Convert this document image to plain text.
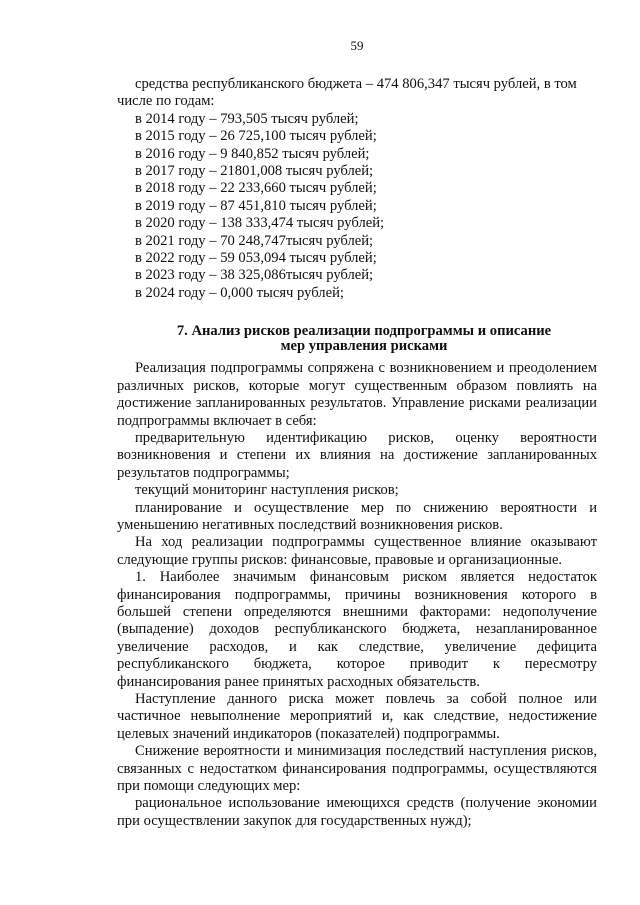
59
средства республиканского бюджета – 474 806,347 тысяч рублей, в том
числе по годам:
в 2014 году – 793,505 тысяч рублей;
в 2015 году – 26 725,100 тысяч рублей;
в 2016 году – 9 840,852 тысяч рублей;
в 2017 году – 21801,008 тысяч рублей;
в 2018 году – 22 233,660 тысяч рублей;
в 2019 году – 87 451,810 тысяч рублей;
в 2020 году – 138 333,474 тысяч рублей;
в 2021 году – 70 248,747тысяч рублей;
в 2022 году – 59 053,094 тысяч рублей;
в 2023 году – 38 325,086тысяч рублей;
в 2024 году – 0,000 тысяч рублей;
7. Анализ рисков реализации подпрограммы и описание
мер управления рисками
Реализация подпрограммы сопряжена с возникновением и преодолением различных рисков, которые могут существенным образом повлиять на достижение запланированных результатов. Управление рисками реализации подпрограммы включает в себя:
предварительную идентификацию рисков, оценку вероятности возникновения и степени их влияния на достижение запланированных результатов подпрограммы;
текущий мониторинг наступления рисков;
планирование и осуществление мер по снижению вероятности и уменьшению негативных последствий возникновения рисков.
На ход реализации подпрограммы существенное влияние оказывают следующие группы рисков: финансовые, правовые и организационные.
1. Наиболее значимым финансовым риском является недостаток финансирования подпрограммы, причины возникновения которого в большей степени определяются внешними факторами: недополучение (выпадение) доходов республиканского бюджета, незапланированное увеличение расходов, и как следствие, увеличение дефицита республиканского бюджета, которое приводит к пересмотру финансирования ранее принятых расходных обязательств.
Наступление данного риска может повлечь за собой полное или частичное невыполнение мероприятий и, как следствие, недостижение целевых значений индикаторов (показателей) подпрограммы.
Снижение вероятности и минимизация последствий наступления рисков, связанных с недостатком финансирования подпрограммы, осуществляются при помощи следующих мер:
рациональное использование имеющихся средств (получение экономии при осуществлении закупок для государственных нужд);
